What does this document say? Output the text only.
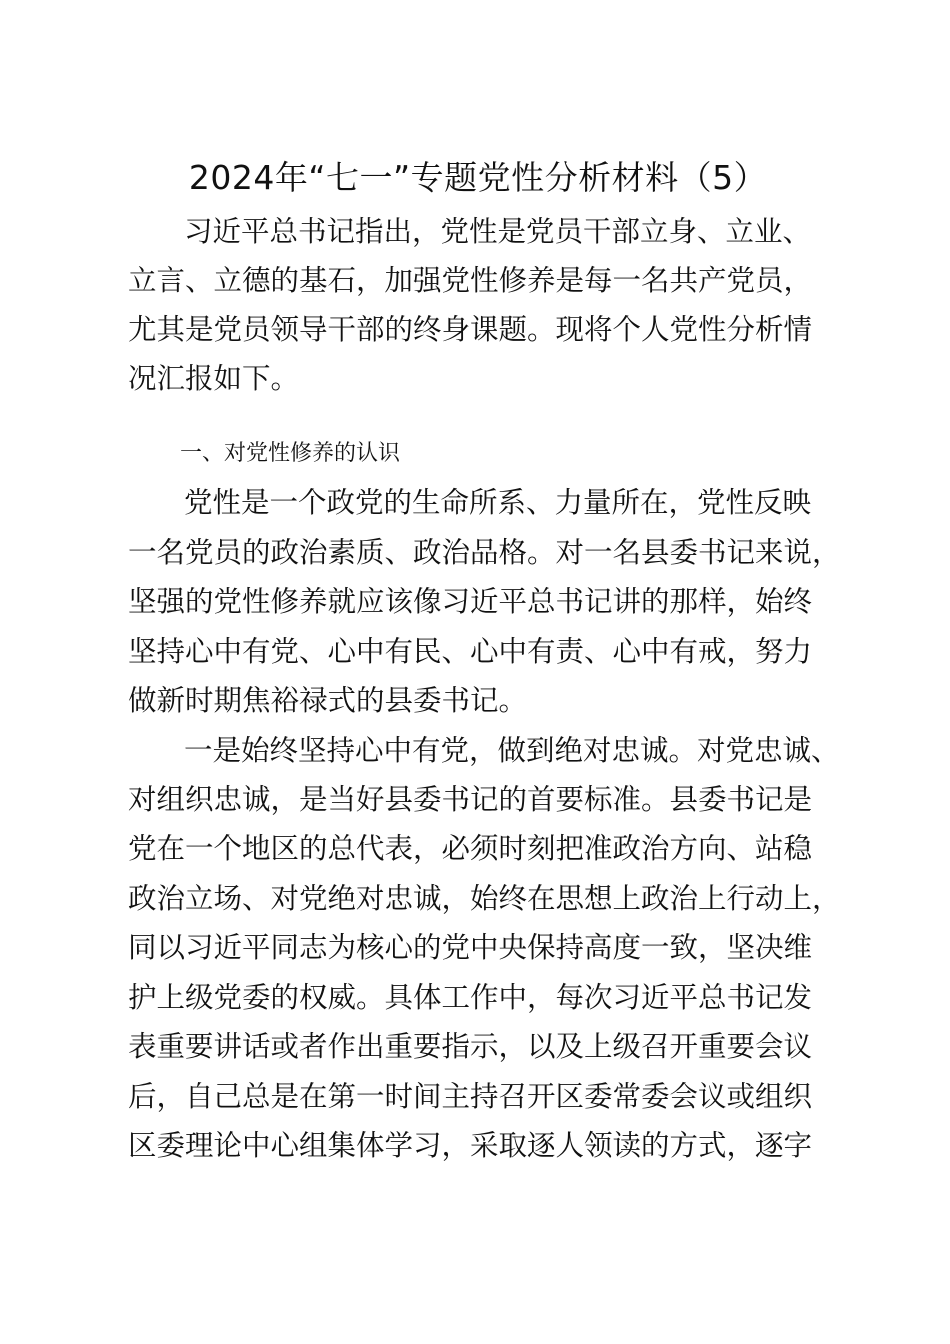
2024年“七一”专题党性分析材料（5）
习近平总书记指出，党性是党员干部立身、立业、
立言、立德的基石，加强党性修养是每一名共产党员，
尤其是党员领导干部的终身课题。现将个人党性分析情
况汇报如下。
一、对党性修养的认识
党性是一个政党的生命所系、力量所在，党性反映
一名党员的政治素质、政治品格。对一名县委书记来说，
坚强的党性修养就应该像习近平总书记讲的那样，始终
坚持心中有党、心中有民、心中有责、心中有戒，努力
做新时期焦裕禄式的县委书记。
一是始终坚持心中有党，做到绝对忠诚。对党忠诚、
对组织忠诚，是当好县委书记的首要标准。县委书记是
党在一个地区的总代表，必须时刻把准政治方向、站稳
政治立场、对党绝对忠诚，始终在思想上政治上行动上，
同以习近平同志为核心的党中央保持高度一致，坚决维
护上级党委的权威。具体工作中，每次习近平总书记发
表重要讲话或者作出重要指示，以及上级召开重要会议
后，自己总是在第一时间主持召开区委常委会议或组织
区委理论中心组集体学习，采取逐人领读的方式，逐字
